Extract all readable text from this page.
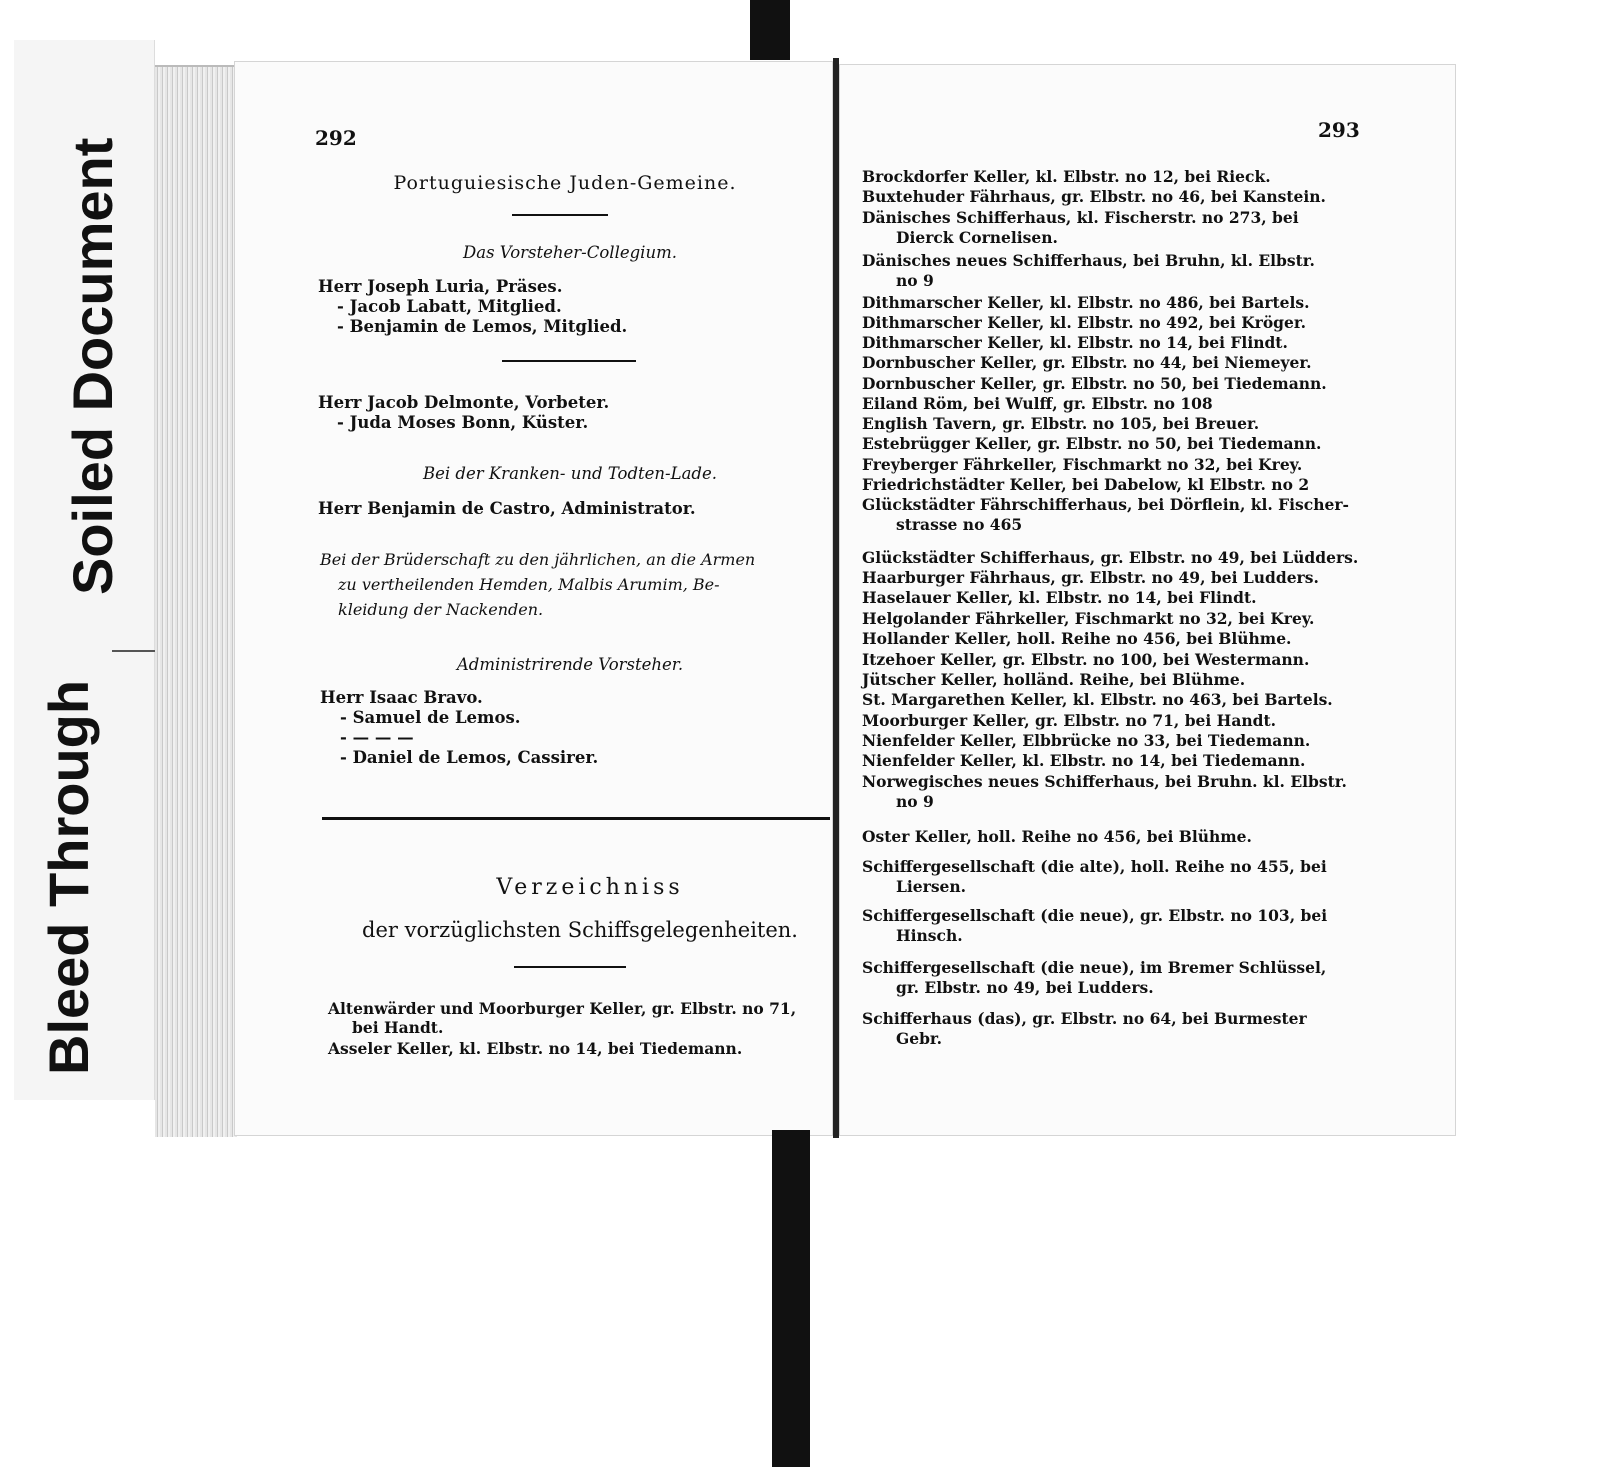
Bleed Through
Soiled Document	292
Portuguiesische Juden-Gemeine.
Das Vorsteher-Collegium.
Herr Joseph Luria, Präses.
- Jacob Labatt, Mitglied.
- Benjamin de Lemos, Mitglied.
Herr Jacob Delmonte, Vorbeter.
- Juda Moses Bonn, Küster.
Bei der Kranken- und Todten-Lade.
Herr Benjamin de Castro, Administrator.
Bei der Brüderschaft zu den jährlichen, an die Armen
zu vertheilenden Hemden, Malbis Arumim, Be-
kleidung der Nackenden.
Administrirende Vorsteher.
Herr Isaac Bravo.
- Samuel de Lemos.
- — — —
- Daniel de Lemos, Cassirer.
Verzeichniss
der vorzüglichsten Schiffsgelegenheiten.
Altenwärder und Moorburger Keller, gr. Elbstr. no 71,
bei Handt.
Asseler Keller, kl. Elbstr. no 14, bei Tiedemann.
293
Brockdorfer Keller, kl. Elbstr. no 12, bei Rieck.
Buxtehuder Fährhaus, gr. Elbstr. no 46, bei Kanstein.
Dänisches Schifferhaus, kl. Fischerstr. no 273, bei
Dierck Cornelisen.
Dänisches neues Schifferhaus, bei Bruhn, kl. Elbstr.
no 9
Dithmarscher Keller, kl. Elbstr. no 486, bei Bartels.
Dithmarscher Keller, kl. Elbstr. no 492, bei Kröger.
Dithmarscher Keller, kl. Elbstr. no 14, bei Flindt.
Dornbuscher Keller, gr. Elbstr. no 44, bei Niemeyer.
Dornbuscher Keller, gr. Elbstr. no 50, bei Tiedemann.
Eiland Röm, bei Wulff, gr. Elbstr. no 108
English Tavern, gr. Elbstr. no 105, bei Breuer.
Estebrügger Keller, gr. Elbstr. no 50, bei Tiedemann.
Freyberger Fährkeller, Fischmarkt no 32, bei Krey.
Friedrichstädter Keller, bei Dabelow, kl Elbstr. no 2
Glückstädter Fährschifferhaus, bei Dörflein, kl. Fischer-
strasse no 465
Glückstädter Schifferhaus, gr. Elbstr. no 49, bei Lüdders.
Haarburger Fährhaus, gr. Elbstr. no 49, bei Ludders.
Haselauer Keller, kl. Elbstr. no 14, bei Flindt.
Helgolander Fährkeller, Fischmarkt no 32, bei Krey.
Hollander Keller, holl. Reihe no 456, bei Blühme.
Itzehoer Keller, gr. Elbstr. no 100, bei Westermann.
Jütscher Keller, holländ. Reihe, bei Blühme.
St. Margarethen Keller, kl. Elbstr. no 463, bei Bartels.
Moorburger Keller, gr. Elbstr. no 71, bei Handt.
Nienfelder Keller, Elbbrücke no 33, bei Tiedemann.
Nienfelder Keller, kl. Elbstr. no 14, bei Tiedemann.
Norwegisches neues Schifferhaus, bei Bruhn. kl. Elbstr.
no 9
Oster Keller, holl. Reihe no 456, bei Blühme.
Schiffergesellschaft (die alte), holl. Reihe no 455, bei
Liersen.
Schiffergesellschaft (die neue), gr. Elbstr. no 103, bei
Hinsch.
Schiffergesellschaft (die neue), im Bremer Schlüssel,
gr. Elbstr. no 49, bei Ludders.
Schifferhaus (das), gr. Elbstr. no 64, bei Burmester
Gebr.
